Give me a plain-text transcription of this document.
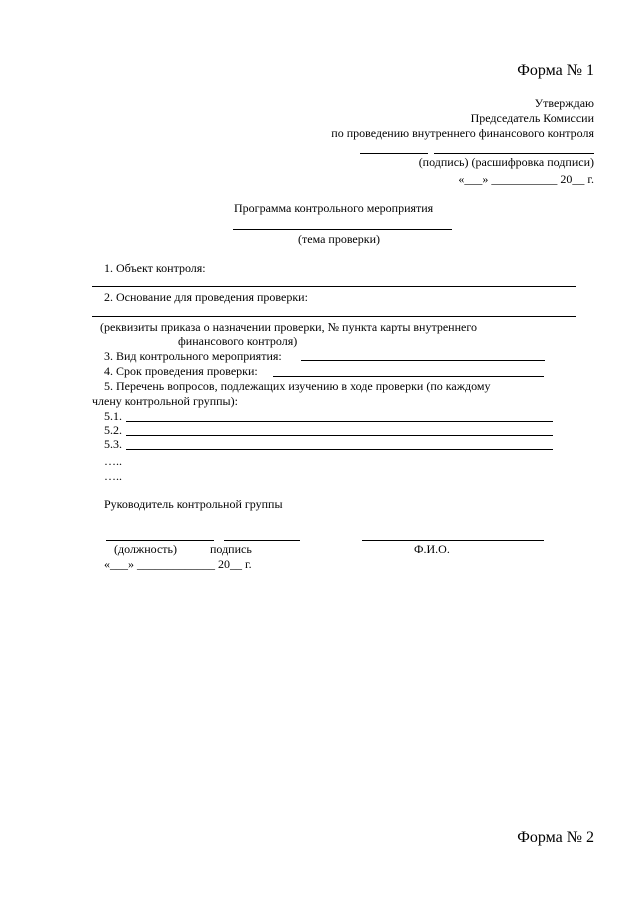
Форма № 1
Утверждаю
Председатель Комиссии
по проведению внутреннего финансового контроля
(подпись) (расшифровка подписи)
«___» ___________ 20__ г.
Программа контрольного мероприятия
(тема проверки)
1. Объект контроля:
2. Основание для проведения проверки:
(реквизиты приказа о назначении проверки, № пункта карты внутреннего
финансового контроля)
3. Вид контрольного мероприятия:
4. Срок проведения проверки:
5. Перечень вопросов, подлежащих изучению в ходе проверки (по каждому
члену контрольной группы):
5.1.
5.2.
5.3.
…..
…..
Руководитель контрольной группы
(должность)	подпись	Ф.И.О.
«___» _____________ 20__ г.
Форма № 2
